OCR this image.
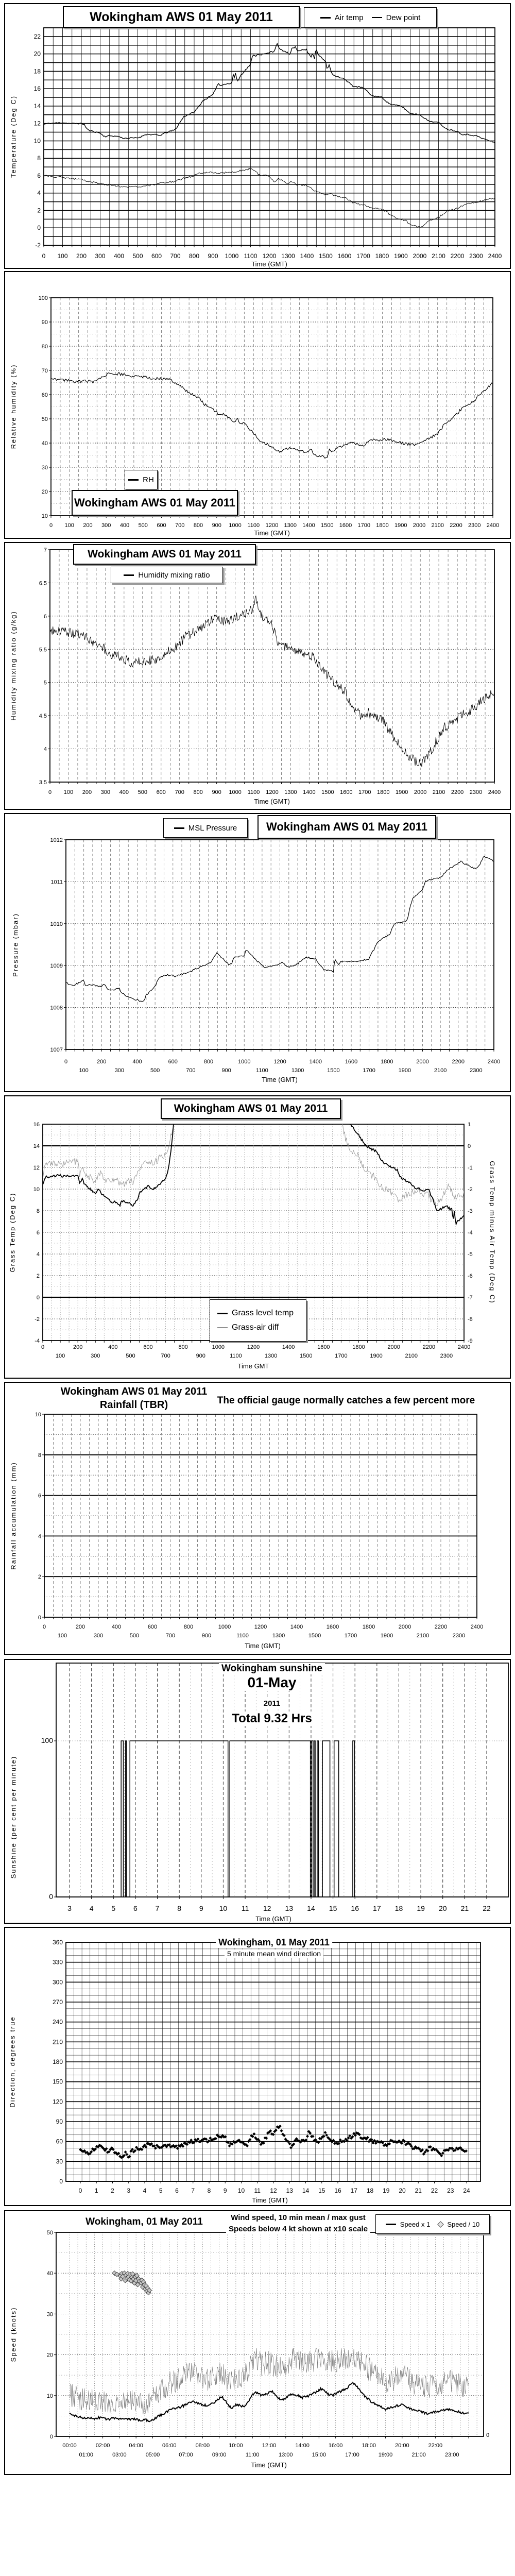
-2
0
2
4
6
8
10
12
14
16
18
20
22
0 100 200 300 400 500 600 700 800 900 1000 1100 1200 1300 1400 1500 1600 1700 1800 1900 2000 2100 2200 2300 2400
Temperature (Deg C)
Time (GMT)
Wokingham AWS 01 May 2011	Air temp	Dew point
10
20
30
40
50
60
70
80
90
100
0 100 200 300 400 500 600 700 800 900 1000 1100 1200 1300 1400 1500 1600 1700 1800 1900 2000 2100 2200 2300 2400
Relative humidity (%)
Time (GMT)
RH
Wokingham AWS 01 May 2011
3.5
4
4.5
5
5.5
6
6.5
7
0 100 200 300 400 500 600 700 800 900 1000 1100 1200 1300 1400 1500 1600 1700 1800 1900 2000 2100 2200 2300 2400
Humidity mixing ratio (g/kg)
Time (GMT)
Wokingham AWS 01 May 2011
Humidity mixing ratio
1007
1008
1009
1010
1011
1012
0
100
200
300
400
500
600
700
800
900
1000
1100
1200
1300
1400
1500
1600
1700
1800
1900
2000
2100
2200
2300
2400
Pressure (mbar)
Time (GMT)
MSL Pressure	Wokingham AWS 01 May 2011
-4
-2
0
2
4
6
8
10
12
14
16
-9
-8
-7
-6
-5
-4
-3
-2
-1
0
1
0
100
200
300
400
500
600
700
800
900
1000
1100
1200
1300
1400
1500
1600
1700
1800
1900
2000
2100
2200
2300
2400
Grass Temp (Deg C)	Grass Temp minus Air Temp (Deg C)
Time GMT
Wokingham AWS 01 May 2011
Grass level temp
Grass-air diff
0
2
4
6
8
10
0
100
200
300
400
500
600
700
800
900
1000
1100
1200
1300
1400
1500
1600
1700
1800
1900
2000
2100
2200
2300
2400
Rainfall accumulation (mm)
Time (GMT)
Wokingham AWS 01 May 2011
Rainfall (TBR)	The official gauge normally catches a few percent more
0
100
3 4 5 6 7 8 9 10 11 12 13 14 15 16 17 18 19 20 21 22
Sunshine (per cent per minute)
Time (GMT)
Wokingham sunshine
01-May
2011
Total 9.32 Hrs
0
30
60
90
120
150
180
210
240
270
300
330
360
0 1 2 3 4 5 6 7 8 9 10 11 12 13 14 15 16 17 18 19 20 21 22 23 24
Direction, degrees true
Time (GMT)
Wokingham, 01 May 2011
5 minute mean wind direction
0
10
20
30
40
50
00:00
01:00
02:00
03:00
04:00
05:00
06:00
07:00
08:00
09:00
10:00
11:00
12:00
13:00
14:00
15:00
16:00
17:00
18:00
19:00
20:00
21:00
22:00
23:00
Speed (knots)
Time (GMT)
Wokingham, 01 May 2011	Wind speed, 10 min mean / max gust
Speeds below 4 kt shown at x10 scale
Speed x 1	Speed / 10
0
